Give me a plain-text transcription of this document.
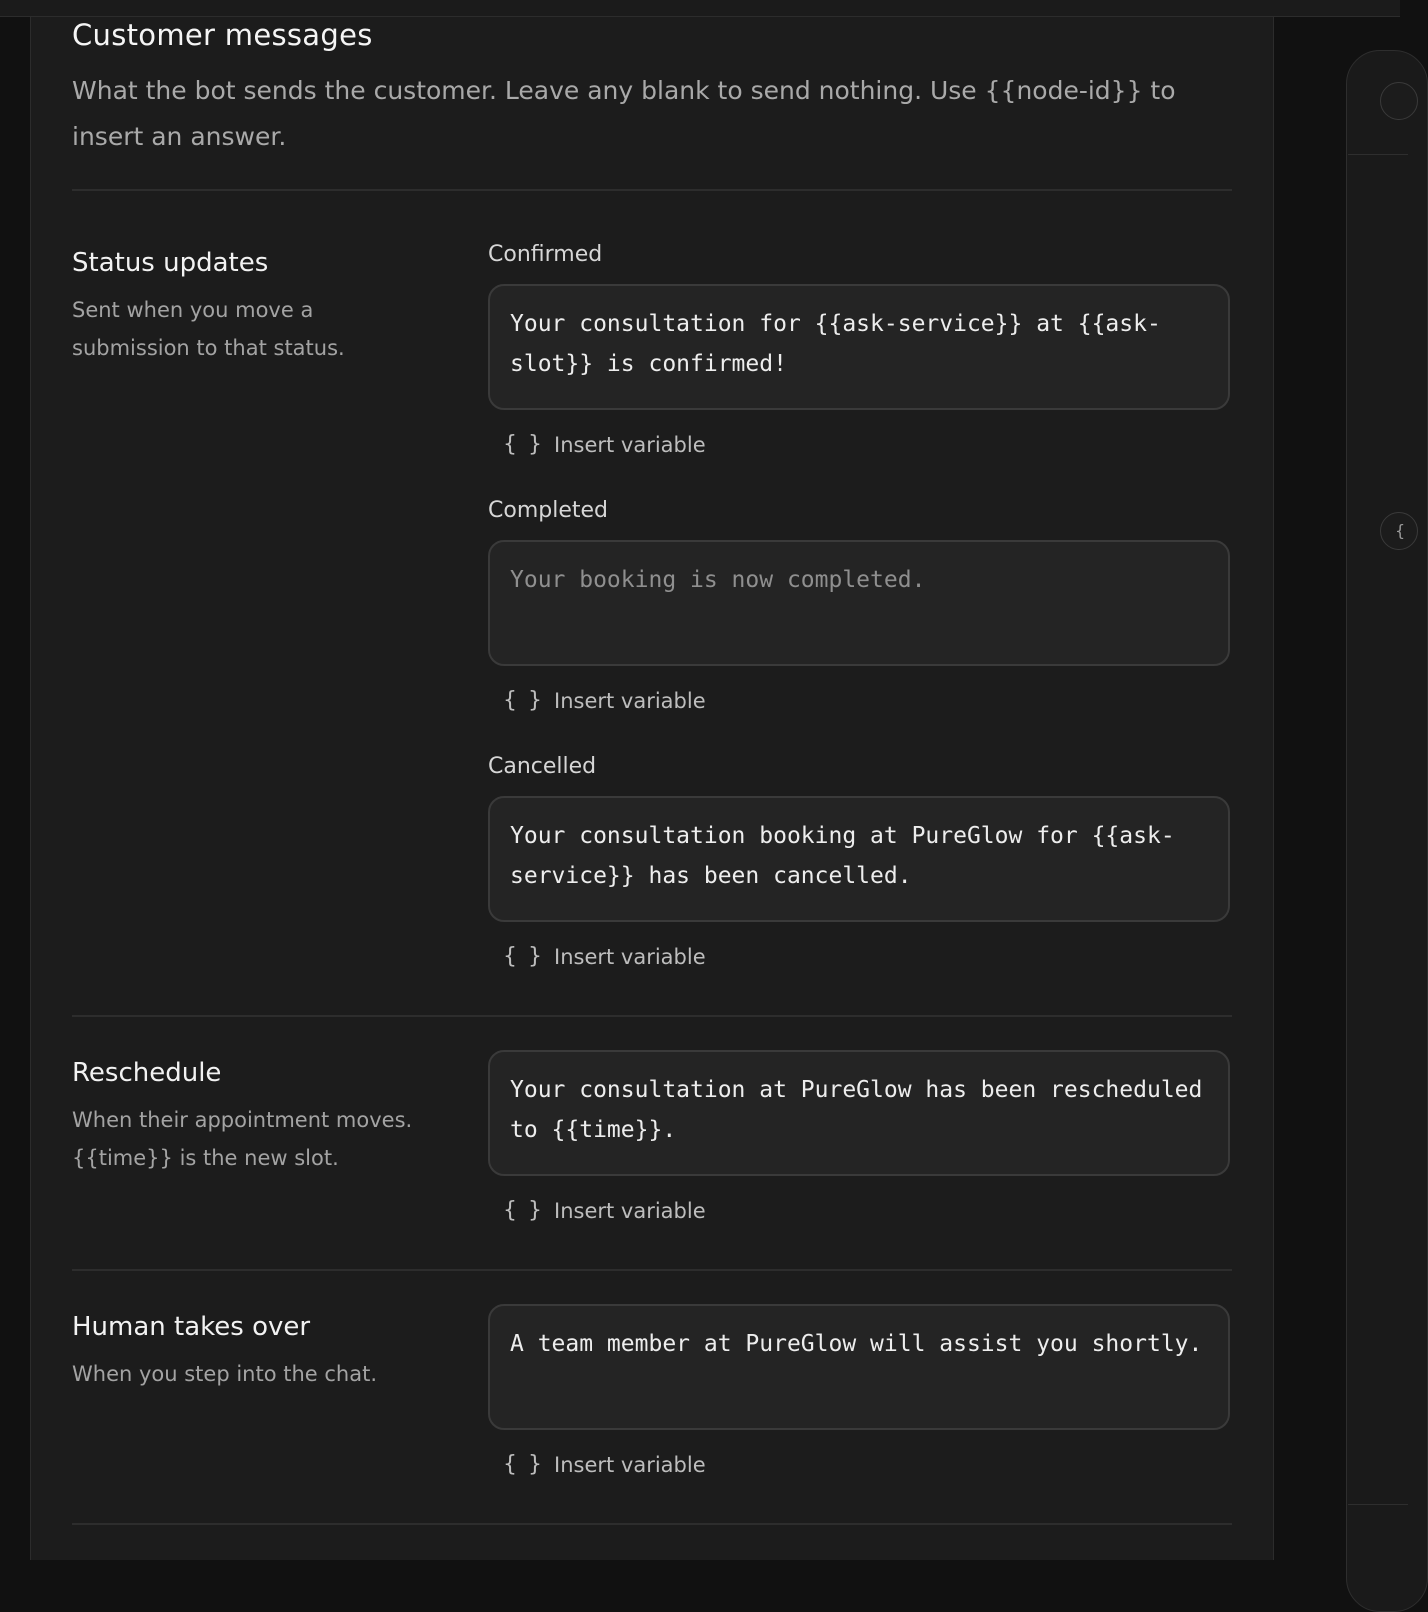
{
Customer messages

What the bot sends the customer. Leave any blank to send nothing. Use {{node-id}} to insert an answer.

Status updates

Sent when you move a submission to that status.

Confirmed
Your consultation for {{ask-service}} at {{ask-slot}} is confirmed!
{ } Insert variable
Completed
Your booking is now completed.
{ } Insert variable
Cancelled
Your consultation booking at PureGlow for {{ask-service}} has been cancelled.
{ } Insert variable
Reschedule

When their appointment moves. {{time}} is the new slot.

Your consultation at PureGlow has been rescheduled to {{time}}.
{ } Insert variable
Human takes over

When you step into the chat.

A team member at PureGlow will assist you shortly.
{ } Insert variable
